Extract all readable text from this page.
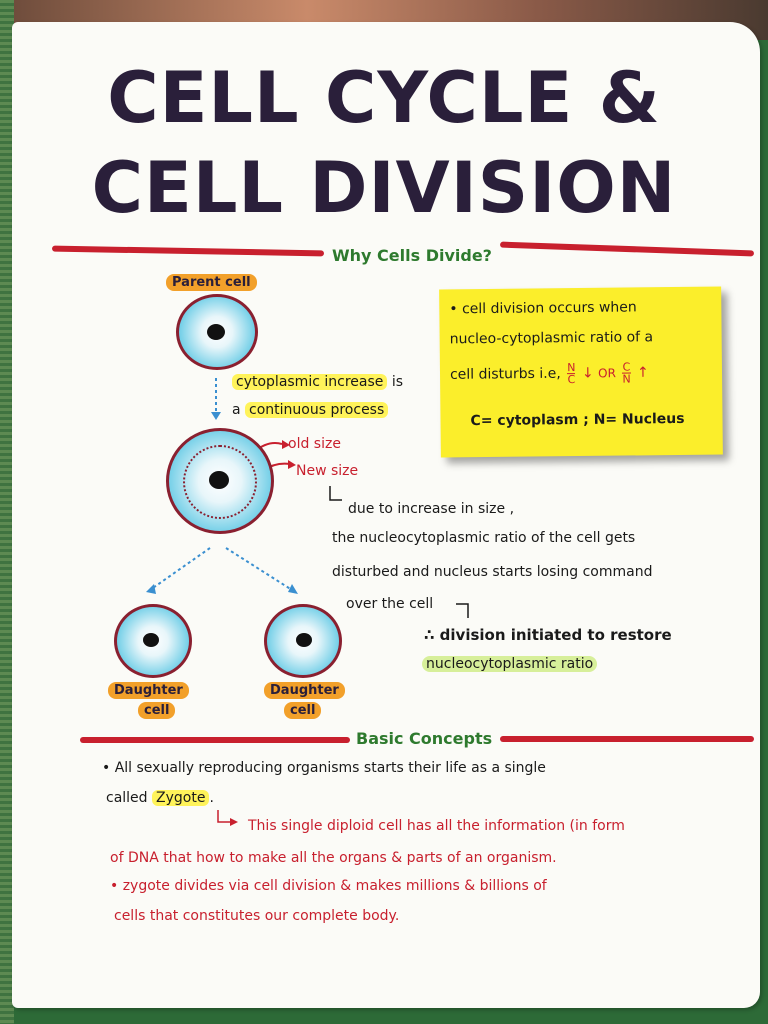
CELL CYCLE &
CELL DIVISION
Why Cells Divide?
Parent cell
cytoplasmic increase is
a continuous process
old size
New size
due to increase in size ,
the nucleocytoplasmic ratio of the cell gets
disturbed and nucleus starts losing command
over the cell
∴ division initiated to restore
nucleocytoplasmic ratio
Daughter
cell
Daughter
cell
• cell division occurs when
nucleo-cytoplasmic ratio of a
cell disturbs i.e, $\frac{N}{C}$ ↓ OR $\frac{C}{N}$ ↑
C= cytoplasm ; N= Nucleus
Basic Concepts
• All sexually reproducing organisms starts their life as a single
called Zygote .
This single diploid cell has all the information (in form
of DNA that how to make all the organs & parts of an organism.
• zygote divides via cell division & makes millions & billions of
cells that constitutes our complete body.
